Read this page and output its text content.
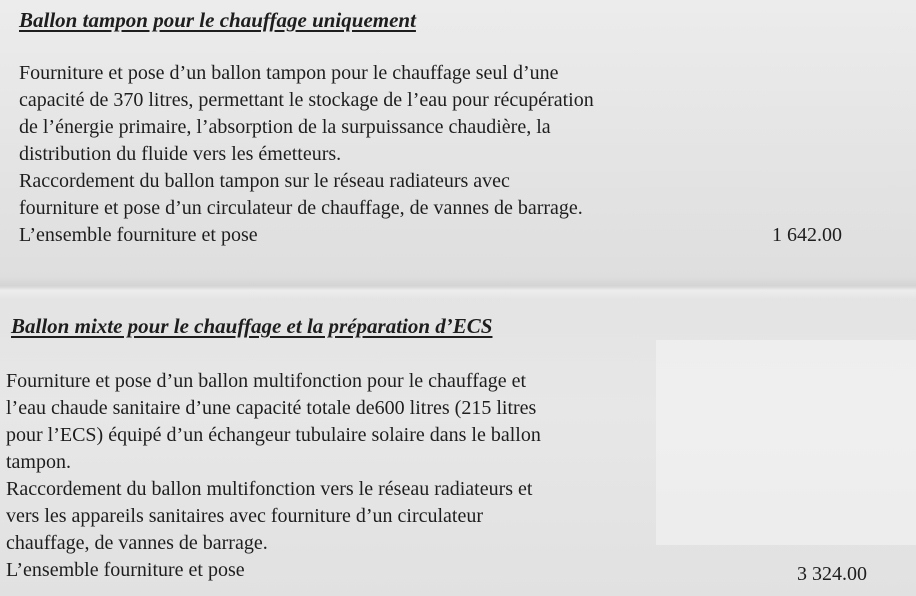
Ballon tampon pour le chauffage uniquement
Fourniture et pose d’un ballon tampon pour le chauffage seul d’une
capacité de 370 litres, permettant le stockage de l’eau pour récupération
de l’énergie primaire, l’absorption de la surpuissance chaudière, la
distribution du fluide vers les émetteurs.
Raccordement du ballon tampon sur le réseau radiateurs avec
fourniture et pose d’un circulateur de chauffage, de vannes de barrage.
L’ensemble fourniture et pose	1 642.00
Ballon mixte pour le chauffage et la préparation d’ECS
Fourniture et pose d’un ballon multifonction pour le chauffage et
l’eau chaude sanitaire d’une capacité totale de600 litres (215 litres
pour l’ECS) équipé d’un échangeur tubulaire solaire dans le ballon
tampon.
Raccordement du ballon multifonction vers le réseau radiateurs et
vers les appareils sanitaires avec fourniture d’un circulateur
chauffage, de vannes de barrage.
L’ensemble fourniture et pose	3 324.00
